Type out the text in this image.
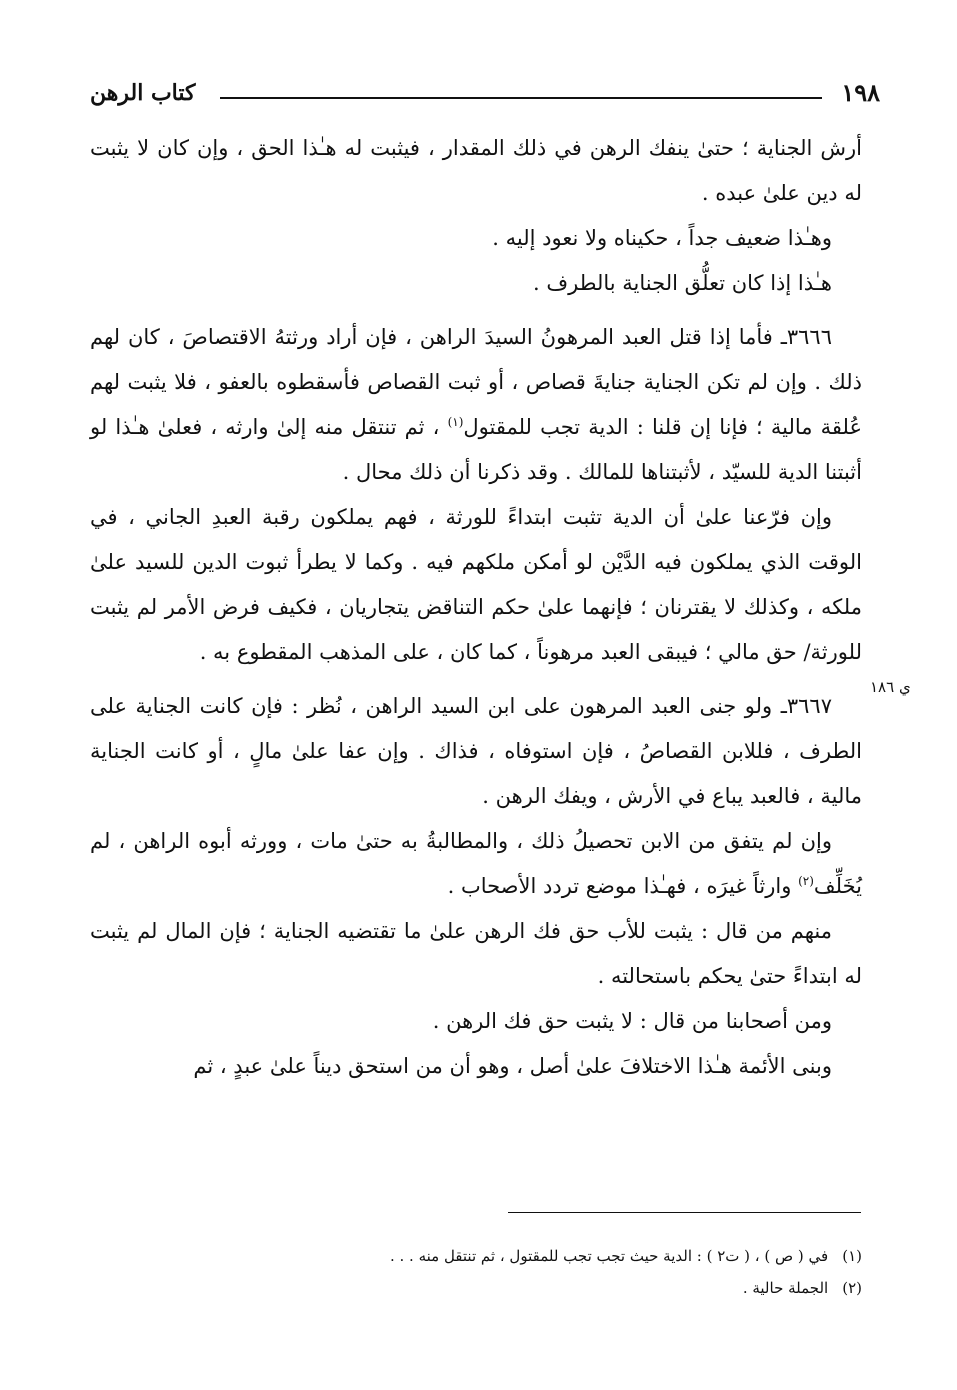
١٩٨
كتاب الرهن

أرش الجناية ؛ حتىٰ ينفك الرهن في ذلك المقدار ، فيثبت له هـٰذا الحق ، وإن كان لا يثبت له دين علىٰ عبده .

وهـٰذا ضعيف جداً ، حكيناه ولا نعود إليه .

هـٰذا إذا كان تعلُّق الجناية بالطرف .

٣٦٦٦ـ فأما إذا قتل العبد المرهونُ السيدَ الراهن ، فإن أراد ورثتهُ الاقتصاصَ ، كان لهم ذلك . وإن لم تكن الجناية جنايةَ قصاص ، أو ثبت القصاص فأسقطوه بالعفو ، فلا يثبت لهم عُلقة مالية ؛ فإنا إن قلنا : الدية تجب للمقتول$^{(١)}$ ، ثم تنتقل منه إلىٰ وارثه ، فعلىٰ هـٰذا لو أثبتنا الدية للسيّد ، لأثبتناها للمالك . وقد ذكرنا أن ذلك محال .

وإن فرّعنا علىٰ أن الدية تثبت ابتداءً للورثة ، فهم يملكون رقبة العبدِ الجاني ، في الوقت الذي يملكون فيه الدَّيْن لو أمكن ملكهم فيه . وكما لا يطرأ ثبوت الدين للسيد علىٰ ملكه ، وكذلك لا يقترنان ؛ فإنهما علىٰ حكم التناقض يتجاريان ، فكيف فرض الأمر لم يثبت للورثة/ حق مالي ؛ فيبقى العبد مرهوناً ، كما كان ، على المذهب المقطوع به .

٣٦٦٧ـ ولو جنى العبد المرهون على ابن السيد الراهن ، نُظر : فإن كانت الجناية على الطرف ، فللابن القصاصُ ، فإن استوفاه ، فذاك . وإن عفا علىٰ مالٍ ، أو كانت الجناية مالية ، فالعبد يباع في الأرش ، ويفك الرهن .

وإن لم يتفق من الابن تحصيلُ ذلك ، والمطالبةُ به حتىٰ مات ، وورثه أبوه الراهن ، لم يُخَلِّف$^{(٢)}$ وارثاً غيرَه ، فهـٰذا موضع تردد الأصحاب .

منهم من قال : يثبت للأب حق فك الرهن علىٰ ما تقتضيه الجناية ؛ فإن المال لم يثبت له ابتداءً حتىٰ يحكم باستحالته .

ومن أصحابنا من قال : لا يثبت حق فك الرهن .

وبنى الأئمة هـٰذا الاختلافَ علىٰ أصل ، وهو أن من استحق ديناً علىٰ عبدٍ ، ثم

ي ١٨٦

(١)في ( ص ) ، ( ت٢ ) : الدية حيث تجب تجب للمقتول ، ثم تنتقل منه . . .

(٢)الجملة حالية .
